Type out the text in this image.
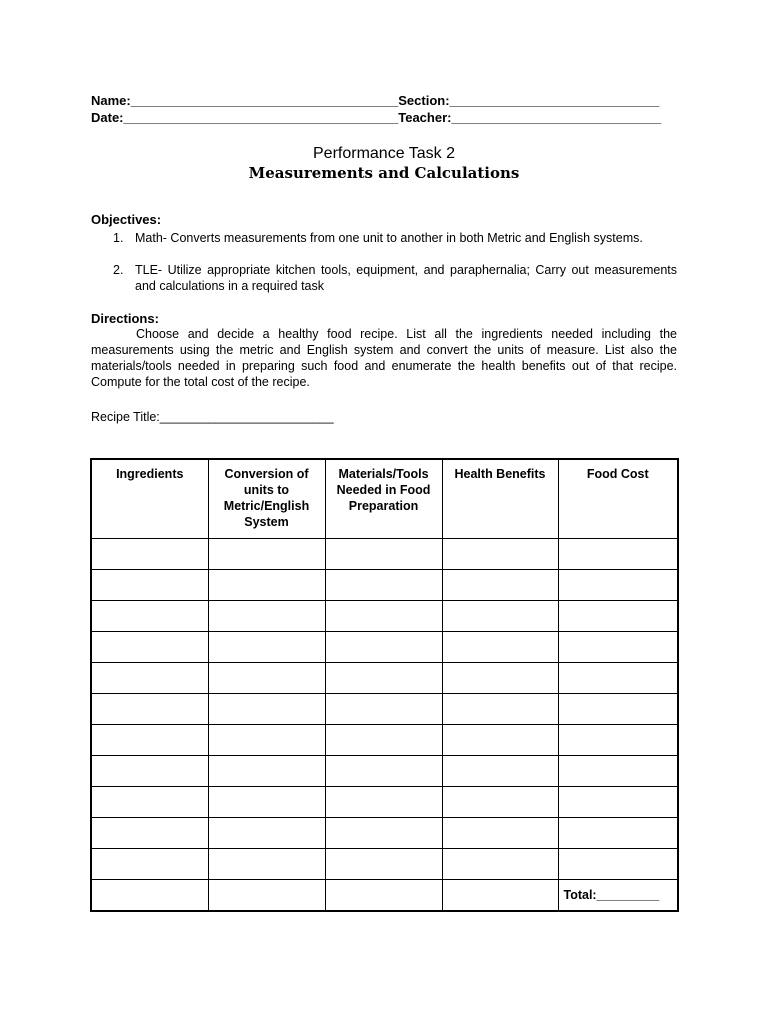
Name:_____________________________________Section:_____________________________
Date:______________________________________Teacher:_____________________________
Performance Task 2
Measurements and Calculations
Objectives:
1. Math- Converts measurements from one unit to another in both Metric and English systems.
2. TLE- Utilize appropriate kitchen tools, equipment, and paraphernalia; Carry out measurements and calculations in a required task
Directions:
Choose and decide a healthy food recipe. List all the ingredients needed including the measurements using the metric and English system and convert the units of measure. List also the materials/tools needed in preparing such food and enumerate the health benefits out of that recipe. Compute for the total cost of the recipe.
Recipe Title:_________________________
Ingredients	Conversion of units to Metric/English System	Materials/Tools Needed in Food Preparation	Health Benefits	Food Cost

				Total:_________
